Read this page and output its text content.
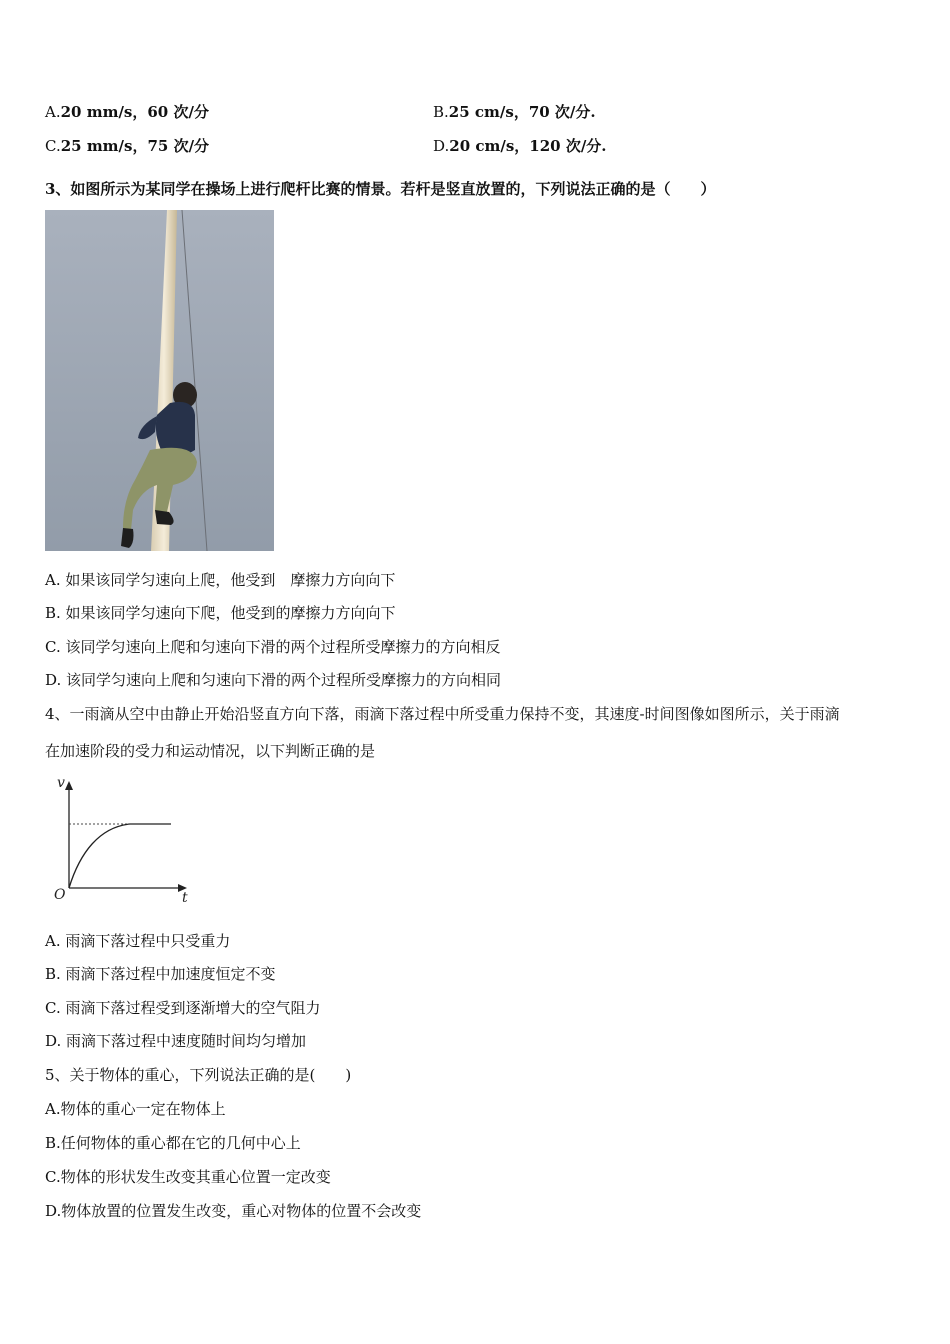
A.20 mm/s，60 次/分	B.25 cm/s，70 次/分.
C.25 mm/s，75 次/分	D.20 cm/s，120 次/分.
3、如图所示为某同学在操场上进行爬杆比赛的情景。若杆是竖直放置的，下列说法正确的是（　　）
A. 如果该同学匀速向上爬，他受到　摩擦力方向向下
B. 如果该同学匀速向下爬，他受到的摩擦力方向向下
C. 该同学匀速向上爬和匀速向下滑的两个过程所受摩擦力的方向相反
D. 该同学匀速向上爬和匀速向下滑的两个过程所受摩擦力的方向相同
4、一雨滴从空中由静止开始沿竖直方向下落，雨滴下落过程中所受重力保持不变，其速度-时间图像如图所示，关于雨滴
在加速阶段的受力和运动情况，以下判断正确的是
v
t
O
A. 雨滴下落过程中只受重力
B. 雨滴下落过程中加速度恒定不变
C. 雨滴下落过程受到逐渐增大的空气阻力
D. 雨滴下落过程中速度随时间均匀增加
5、关于物体的重心，下列说法正确的是(　　)
A.物体的重心一定在物体上
B.任何物体的重心都在它的几何中心上
C.物体的形状发生改变其重心位置一定改变
D.物体放置的位置发生改变，重心对物体的位置不会改变
